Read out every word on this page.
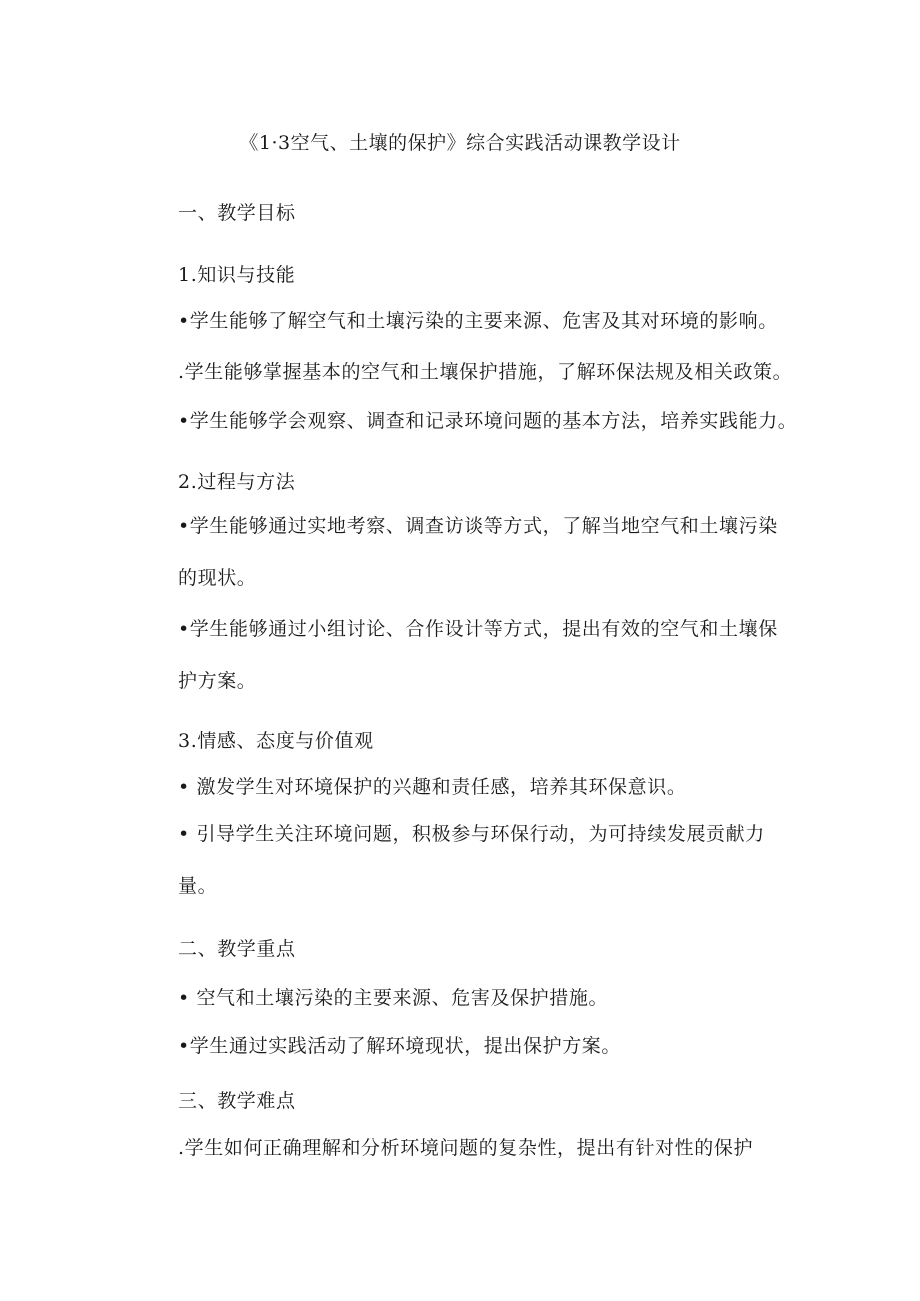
《1·3空气、土壤的保护》综合实践活动课教学设计
一、教学目标
1.知识与技能
•学生能够了解空气和土壤污染的主要来源、危害及其对环境的影响。
.学生能够掌握基本的空气和土壤保护措施，了解环保法规及相关政策。
•学生能够学会观察、调查和记录环境问题的基本方法，培养实践能力。
2.过程与方法
•学生能够通过实地考察、调查访谈等方式，了解当地空气和土壤污染的现状。
•学生能够通过小组讨论、合作设计等方式，提出有效的空气和土壤保护方案。
3.情感、态度与价值观
• 激发学生对环境保护的兴趣和责任感，培养其环保意识。
• 引导学生关注环境问题，积极参与环保行动，为可持续发展贡献力量。
二、教学重点
• 空气和土壤污染的主要来源、危害及保护措施。
•学生通过实践活动了解环境现状，提出保护方案。
三、教学难点
.学生如何正确理解和分析环境问题的复杂性，提出有针对性的保护
